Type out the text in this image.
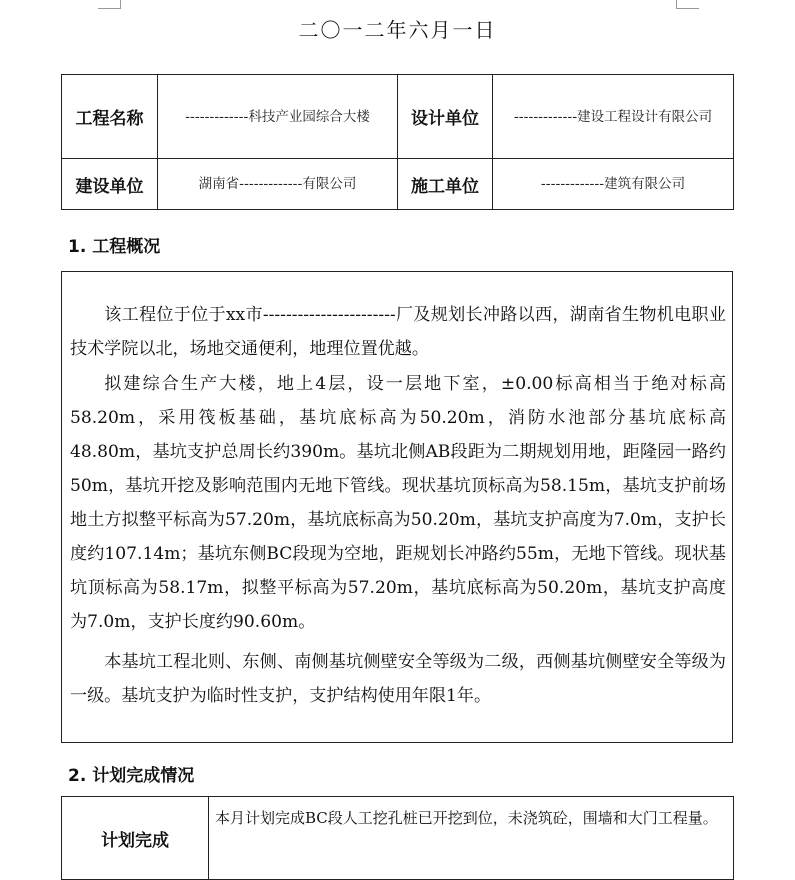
二〇一二年六月一日
工程名称	-------------科技产业园综合大楼	设计单位	-------------建设工程设计有限公司
建设单位	湖南省-------------有限公司	施工单位	-------------建筑有限公司
1. 工程概况

该工程位于位于xx市-----------------------厂及规划长冲路以西，湖南省生物机电职业技术学院以北，场地交通便利，地理位置优越。

拟建综合生产大楼，地上4层，设一层地下室，±0.00标高相当于绝对标高58.20m，采用筏板基础，基坑底标高为50.20m，消防水池部分基坑底标高48.80m，基坑支护总周长约390m。基坑北侧AB段距为二期规划用地，距隆园一路约50m，基坑开挖及影响范围内无地下管线。现状基坑顶标高为58.15m，基坑支护前场地土方拟整平标高为57.20m，基坑底标高为50.20m，基坑支护高度为7.0m，支护长度约107.14m；基坑东侧BC段现为空地，距规划长冲路约55m，无地下管线。现状基坑顶标高为58.17m，拟整平标高为57.20m，基坑底标高为50.20m，基坑支护高度为7.0m，支护长度约90.60m。

本基坑工程北则、东侧、南侧基坑侧壁安全等级为二级，西侧基坑侧壁安全等级为一级。基坑支护为临时性支护，支护结构使用年限1年。

2. 计划完成情况
计划完成	本月计划完成BC段人工挖孔桩已开挖到位，未浇筑砼，围墙和大门工程量。
